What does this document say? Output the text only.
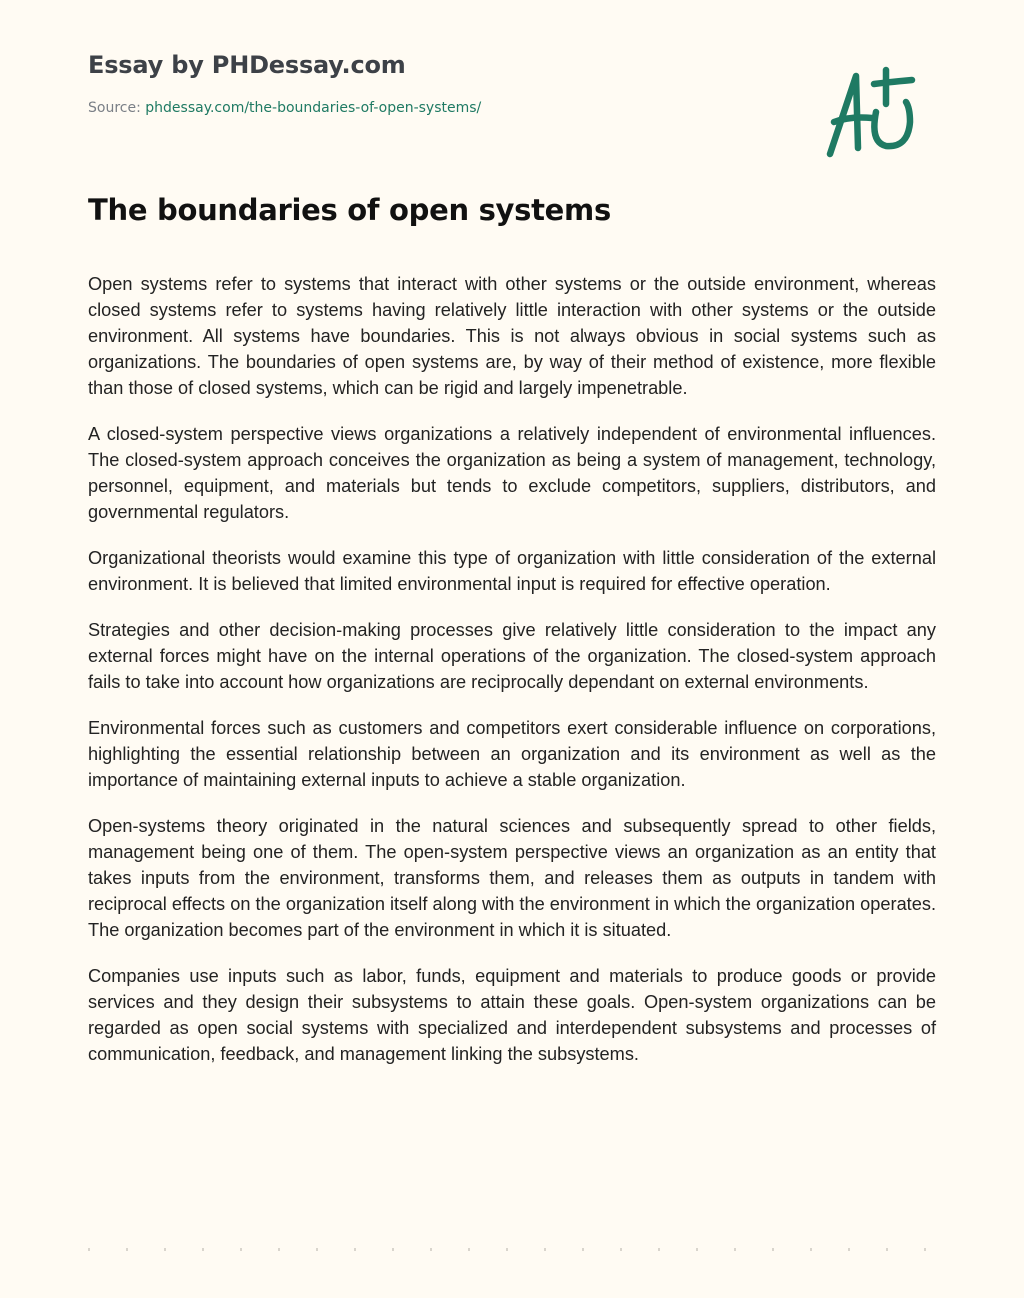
Essay by PHDessay.com
Source: phdessay.com/the-boundaries-of-open-systems/
The boundaries of open systems

Open systems refer to systems that interact with other systems or the outside environment, whereas closed systems refer to systems having relatively little interaction with other systems or the outside environment. All systems have boundaries. This is not always obvious in social systems such as organizations. The boundaries of open systems are, by way of their method of existence, more flexible than those of closed systems, which can be rigid and largely impenetrable.

A closed-system perspective views organizations a relatively independent of environmental influences. The closed-system approach conceives the organization as being a system of management, technology, personnel, equipment, and materials but tends to exclude competitors, suppliers, distributors, and governmental regulators.

Organizational theorists would examine this type of organization with little consideration of the external environment. It is believed that limited environmental input is required for effective operation.

Strategies and other decision-making processes give relatively little consideration to the impact any external forces might have on the internal operations of the organization. The closed-system approach fails to take into account how organizations are reciprocally dependant on external environments.

Environmental forces such as customers and competitors exert considerable influence on corporations, highlighting the essential relationship between an organization and its environment as well as the importance of maintaining external inputs to achieve a stable organization.

Open-systems theory originated in the natural sciences and subsequently spread to other fields, management being one of them. The open-system perspective views an organization as an entity that takes inputs from the environment, transforms them, and releases them as outputs in tandem with reciprocal effects on the organization itself along with the environment in which the organization operates. The organization becomes part of the environment in which it is situated.

Companies use inputs such as labor, funds, equipment and materials to produce goods or provide services and they design their subsystems to attain these goals. Open-system organizations can be regarded as open social systems with specialized and interdependent subsystems and processes of communication, feedback, and management linking the subsystems.
